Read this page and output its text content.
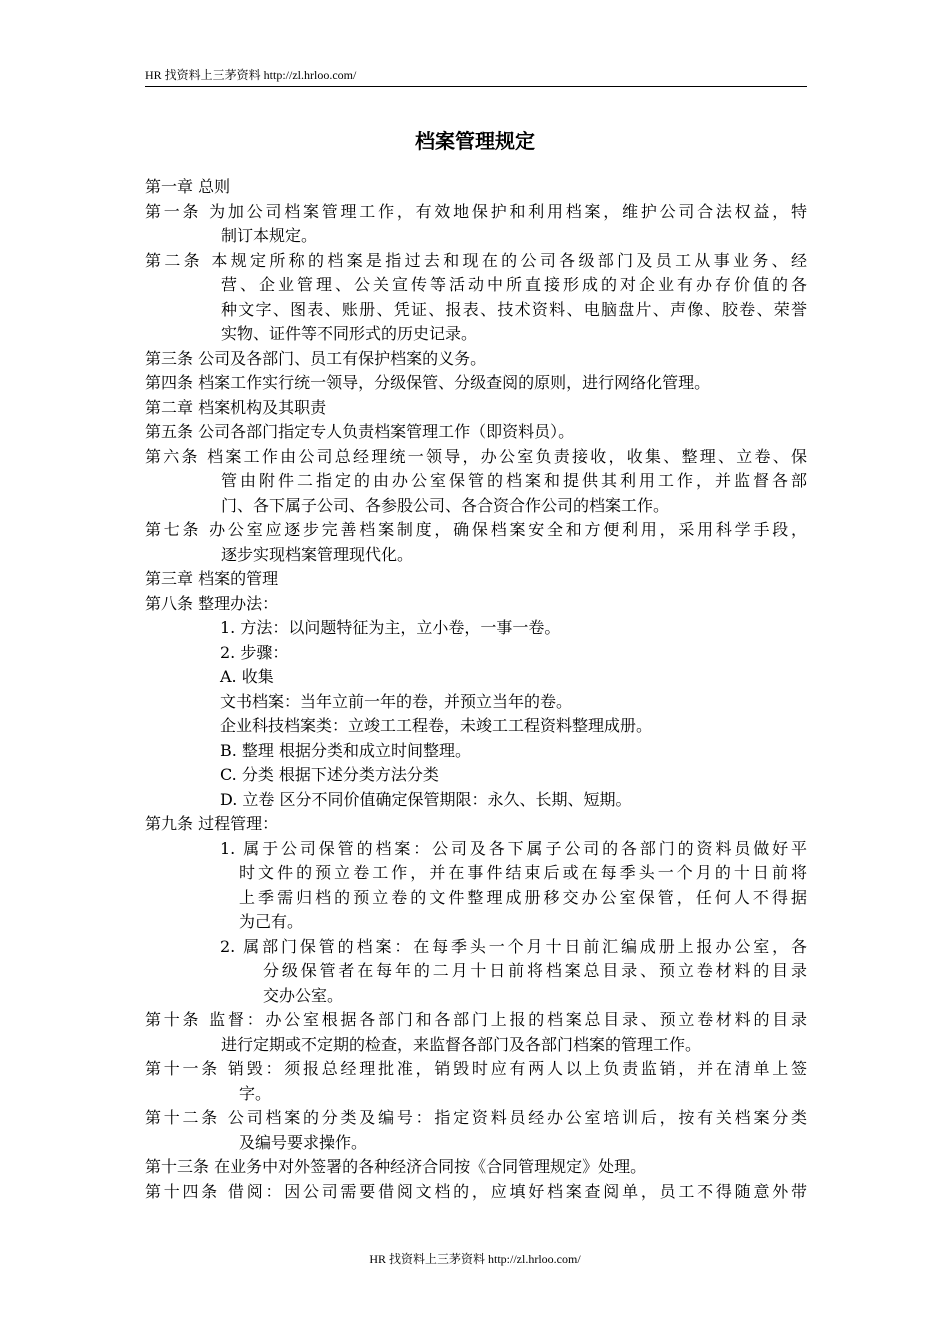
HR 找资料上三茅资料 http://zl.hrloo.com/
档案管理规定
第一章 总则
第一条 为加公司档案管理工作，有效地保护和利用档案，维护公司合法权益，特
制订本规定。
第二条 本规定所称的档案是指过去和现在的公司各级部门及员工从事业务、经
营、企业管理、公关宣传等活动中所直接形成的对企业有办存价值的各
种文字、图表、账册、凭证、报表、技术资料、电脑盘片、声像、胶卷、荣誉
实物、证件等不同形式的历史记录。
第三条 公司及各部门、员工有保护档案的义务。
第四条 档案工作实行统一领导，分级保管、分级查阅的原则，进行网络化管理。
第二章 档案机构及其职责
第五条 公司各部门指定专人负责档案管理工作（即资料员）。
第六条 档案工作由公司总经理统一领导，办公室负责接收，收集、整理、立卷、保
管由附件二指定的由办公室保管的档案和提供其利用工作，并监督各部
门、各下属子公司、各参股公司、各合资合作公司的档案工作。
第七条 办公室应逐步完善档案制度，确保档案安全和方便利用，采用科学手段，
逐步实现档案管理现代化。
第三章 档案的管理
第八条 整理办法：
1. 方法：以问题特征为主，立小卷，一事一卷。
2. 步骤：
A. 收集
文书档案：当年立前一年的卷，并预立当年的卷。
企业科技档案类：立竣工工程卷，未竣工工程资料整理成册。
B. 整理 根据分类和成立时间整理。
C. 分类 根据下述分类方法分类
D. 立卷 区分不同价值确定保管期限：永久、长期、短期。
第九条 过程管理：
1. 属于公司保管的档案：公司及各下属子公司的各部门的资料员做好平
时文件的预立卷工作，并在事件结束后或在每季头一个月的十日前将
上季需归档的预立卷的文件整理成册移交办公室保管，任何人不得据
为己有。
2. 属部门保管的档案：在每季头一个月十日前汇编成册上报办公室，各
分级保管者在每年的二月十日前将档案总目录、预立卷材料的目录
交办公室。
第十条 监督：办公室根据各部门和各部门上报的档案总目录、预立卷材料的目录
进行定期或不定期的检查，来监督各部门及各部门档案的管理工作。
第十一条 销毁：须报总经理批准，销毁时应有两人以上负责监销，并在清单上签
字。
第十二条 公司档案的分类及编号：指定资料员经办公室培训后，按有关档案分类
及编号要求操作。
第十三条 在业务中对外签署的各种经济合同按《合同管理规定》处理。
第十四条 借阅：因公司需要借阅文档的，应填好档案查阅单，员工不得随意外带
HR 找资料上三茅资料 http://zl.hrloo.com/
